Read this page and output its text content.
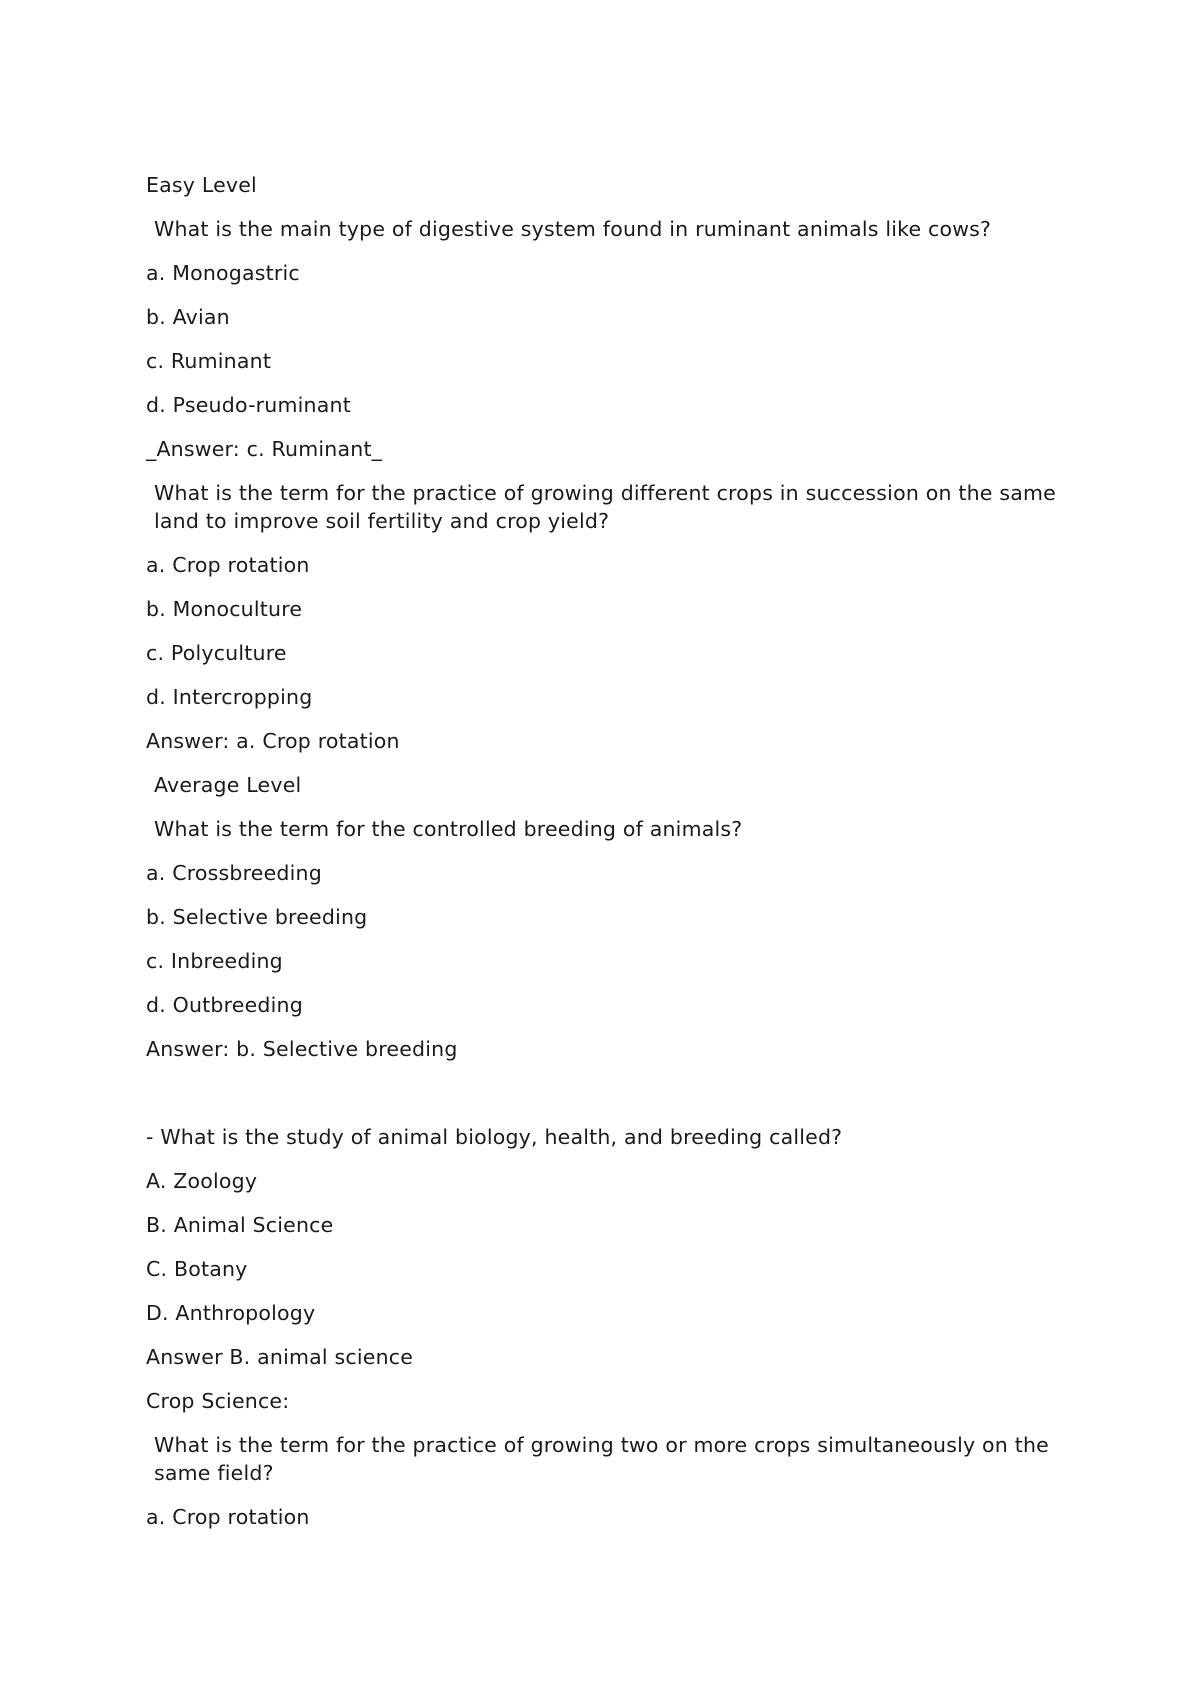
Easy Level

What is the main type of digestive system found in ruminant animals like cows?

a. Monogastric

b. Avian

c. Ruminant

d. Pseudo-ruminant

_Answer: c. Ruminant_

What is the term for the practice of growing different crops in succession on the same land to improve soil fertility and crop yield?

a. Crop rotation

b. Monoculture

c. Polyculture

d. Intercropping

Answer: a. Crop rotation

Average Level

What is the term for the controlled breeding of animals?

a. Crossbreeding

b. Selective breeding

c. Inbreeding

d. Outbreeding

Answer: b. Selective breeding

- What is the study of animal biology, health, and breeding called?

A. Zoology

B. Animal Science

C. Botany

D. Anthropology

Answer B. animal science

Crop Science:

What is the term for the practice of growing two or more crops simultaneously on the same field?

a. Crop rotation
